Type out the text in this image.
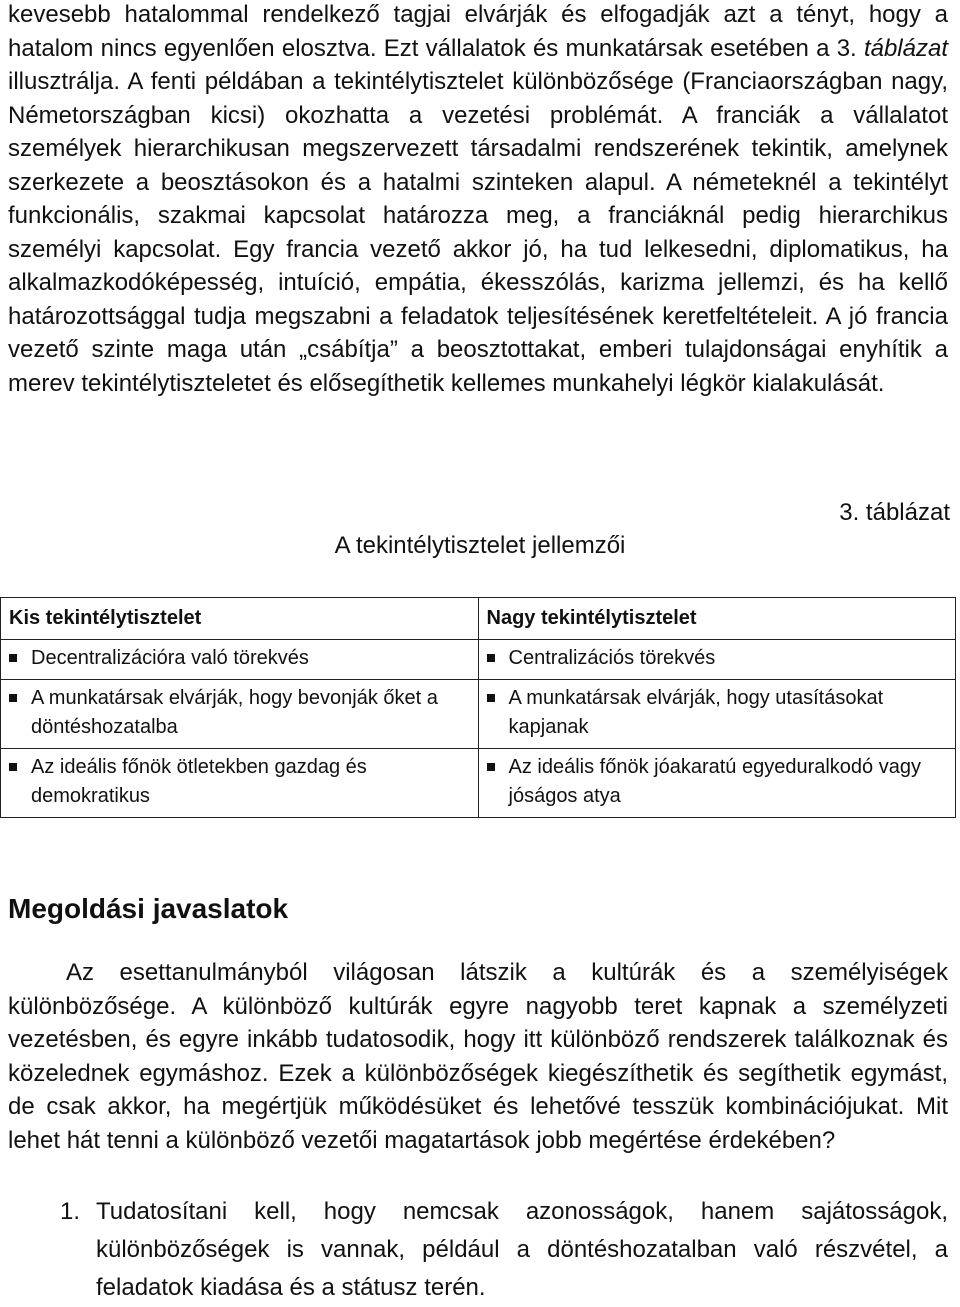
kevesebb hatalommal rendelkező tagjai elvárják és elfogadják azt a tényt, hogy a hatalom nincs egyenlően elosztva. Ezt vállalatok és munkatársak esetében a 3. táblázat illusztrálja. A fenti példában a tekintélytisztelet különbözősége (Franciaországban nagy, Németországban kicsi) okozhatta a vezetési problémát. A franciák a vállalatot személyek hierarchikusan megszervezett társadalmi rendszerének tekintik, amelynek szerkezete a beosztásokon és a hatalmi szinteken alapul. A németeknél a tekintélyt funkcionális, szakmai kapcsolat határozza meg, a franciáknál pedig hierarchikus személyi kapcsolat. Egy francia vezető akkor jó, ha tud lelkesedni, diplomatikus, ha alkalmazkodóképesség, intuíció, empátia, ékesszólás, karizma jellemzi, és ha kellő határozottsággal tudja megszabni a feladatok teljesítésének keretfeltételeit. A jó francia vezető szinte maga után „csábítja” a beosztottakat, emberi tulajdonságai enyhítik a merev tekintélytiszteletet és elősegíthetik kellemes munkahelyi légkör kialakulását.

3. táblázat
A tekintélytisztelet jellemzői
Kis tekintélytisztelet	Nagy tekintélytisztelet

Decentralizációra való törekvés	Centralizációs törekvés

A munkatársak elvárják, hogy bevonják őket a döntéshozatalba	A munkatársak elvárják, hogy utasításokat kapjanak

Az ideális főnök ötletekben gazdag és demokratikus	Az ideális főnök jóakaratú egyeduralkodó vagy jóságos atya
Megoldási javaslatok

Az esettanulmányból világosan látszik a kultúrák és a személyiségek különbözősége. A különböző kultúrák egyre nagyobb teret kapnak a személyzeti vezetésben, és egyre inkább tudatosodik, hogy itt különböző rendszerek találkoznak és közelednek egymáshoz. Ezek a különbözőségek kiegészíthetik és segíthetik egymást, de csak akkor, ha megértjük működésüket és lehetővé tesszük kombinációjukat. Mit lehet hát tenni a különböző vezetői magatartások jobb megértése érdekében?

1. Tudatosítani kell, hogy nemcsak azonosságok, hanem sajátosságok, különbözőségek is vannak, például a döntéshozatalban való részvétel, a feladatok kiadása és a státusz terén.
